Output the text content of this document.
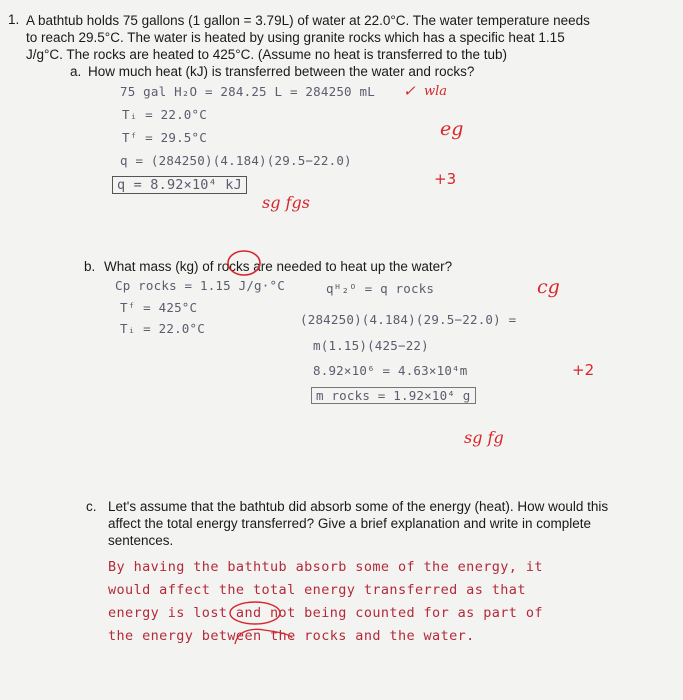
1. A bathtub holds 75 gallons (1 gallon = 3.79L) of water at 22.0°C. The water temperature needs
to reach 29.5°C. The water is heated by using granite rocks which has a specific heat 1.15
J/g°C. The rocks are heated to 425°C. (Assume no heat is transferred to the tub)
a. How much heat (kJ) is transferred between the water and rocks?
75 gal H₂O = 284.25 L = 284250 mL
Tᵢ = 22.0°C
Tᶠ = 29.5°C
q = (284250)(4.184)(29.5−22.0)
q = 8.92×10⁴ kJ
✓ wla
eg
+3
sg fgs
b. What mass (kg) of rocks are needed to heat up the water?
Cp rocks = 1.15 J/g·°C
Tᶠ = 425°C
Tᵢ = 22.0°C
qᴴ₂ᴼ = q rocks
(284250)(4.184)(29.5−22.0) =
m(1.15)(425−22)
8.92×10⁶ = 4.63×10⁴m
m rocks = 1.92×10⁴ g
cg
+2
sg fg
c. Let's assume that the bathtub did absorb some of the energy (heat). How would this
affect the total energy transferred? Give a brief explanation and write in complete
sentences.
By having the bathtub absorb some of the energy, it
would affect the total energy transferred as that
energy is lost and not being counted for as part of
the energy between the rocks and the water.
